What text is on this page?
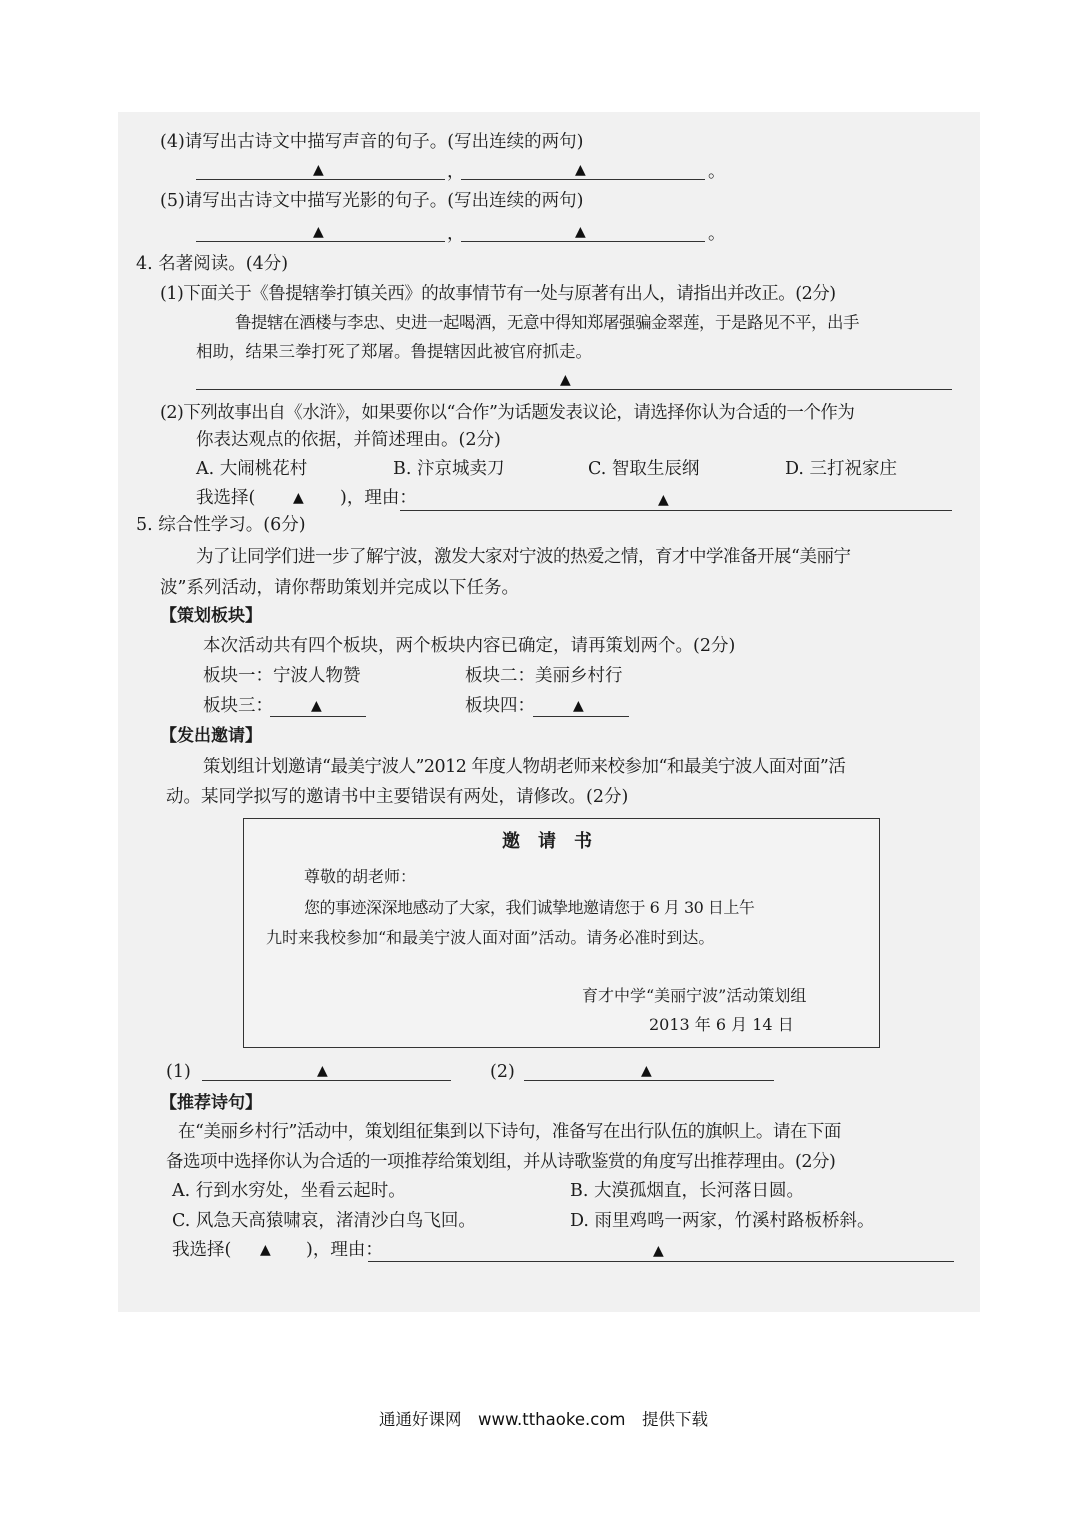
(4)请写出古诗文中描写声音的句子。(写出连续的两句)
▲	，	▲	。
(5)请写出古诗文中描写光影的句子。(写出连续的两句)
▲	，	▲	。
4. 名著阅读。(4分)
(1)下面关于《鲁提辖拳打镇关西》的故事情节有一处与原著有出人，请指出并改正。(2分)
鲁提辖在酒楼与李忠、史进一起喝酒，无意中得知郑屠强骗金翠莲，于是路见不平，出手
相助，结果三拳打死了郑屠。鲁提辖因此被官府抓走。
▲
(2)下列故事出自《水浒》，如果要你以“合作”为话题发表议论，请选择你认为合适的一个作为
你表达观点的依据，并简述理由。(2分)
A. 大闹桃花村	B. 汴京城卖刀	C. 智取生辰纲	D. 三打祝家庄
我选择(	▲ )，理由：	▲
5. 综合性学习。(6分)
为了让同学们进一步了解宁波，激发大家对宁波的热爱之情，育才中学准备开展“美丽宁
波”系列活动，请你帮助策划并完成以下任务。
【策划板块】
本次活动共有四个板块，两个板块内容已确定，请再策划两个。(2分)
板块一：宁波人物赞	板块二：美丽乡村行
板块三：	▲	板块四：	▲
【发出邀请】
策划组计划邀请“最美宁波人”2012 年度人物胡老师来校参加“和最美宁波人面对面”活
动。某同学拟写的邀请书中主要错误有两处，请修改。(2分)
邀　请　书
尊敬的胡老师：
您的事迹深深地感动了大家，我们诚挚地邀请您于 6 月 30 日上午
九时来我校参加“和最美宁波人面对面”活动。请务必准时到达。
育才中学“美丽宁波”活动策划组
2013 年 6 月 14 日
(1)	▲	(2)	▲
【推荐诗句】
在“美丽乡村行”活动中，策划组征集到以下诗句，准备写在出行队伍的旗帜上。请在下面
备选项中选择你认为合适的一项推荐给策划组，并从诗歌鉴赏的角度写出推荐理由。(2分)
A. 行到水穷处，坐看云起时。	B. 大漠孤烟直，长河落日圆。
C. 风急天高猿啸哀，渚清沙白鸟飞回。	D. 雨里鸡鸣一两家，竹溪村路板桥斜。
我选择( ▲ )，理由：	▲
通通好课网　www.tthaoke.com　提供下载
